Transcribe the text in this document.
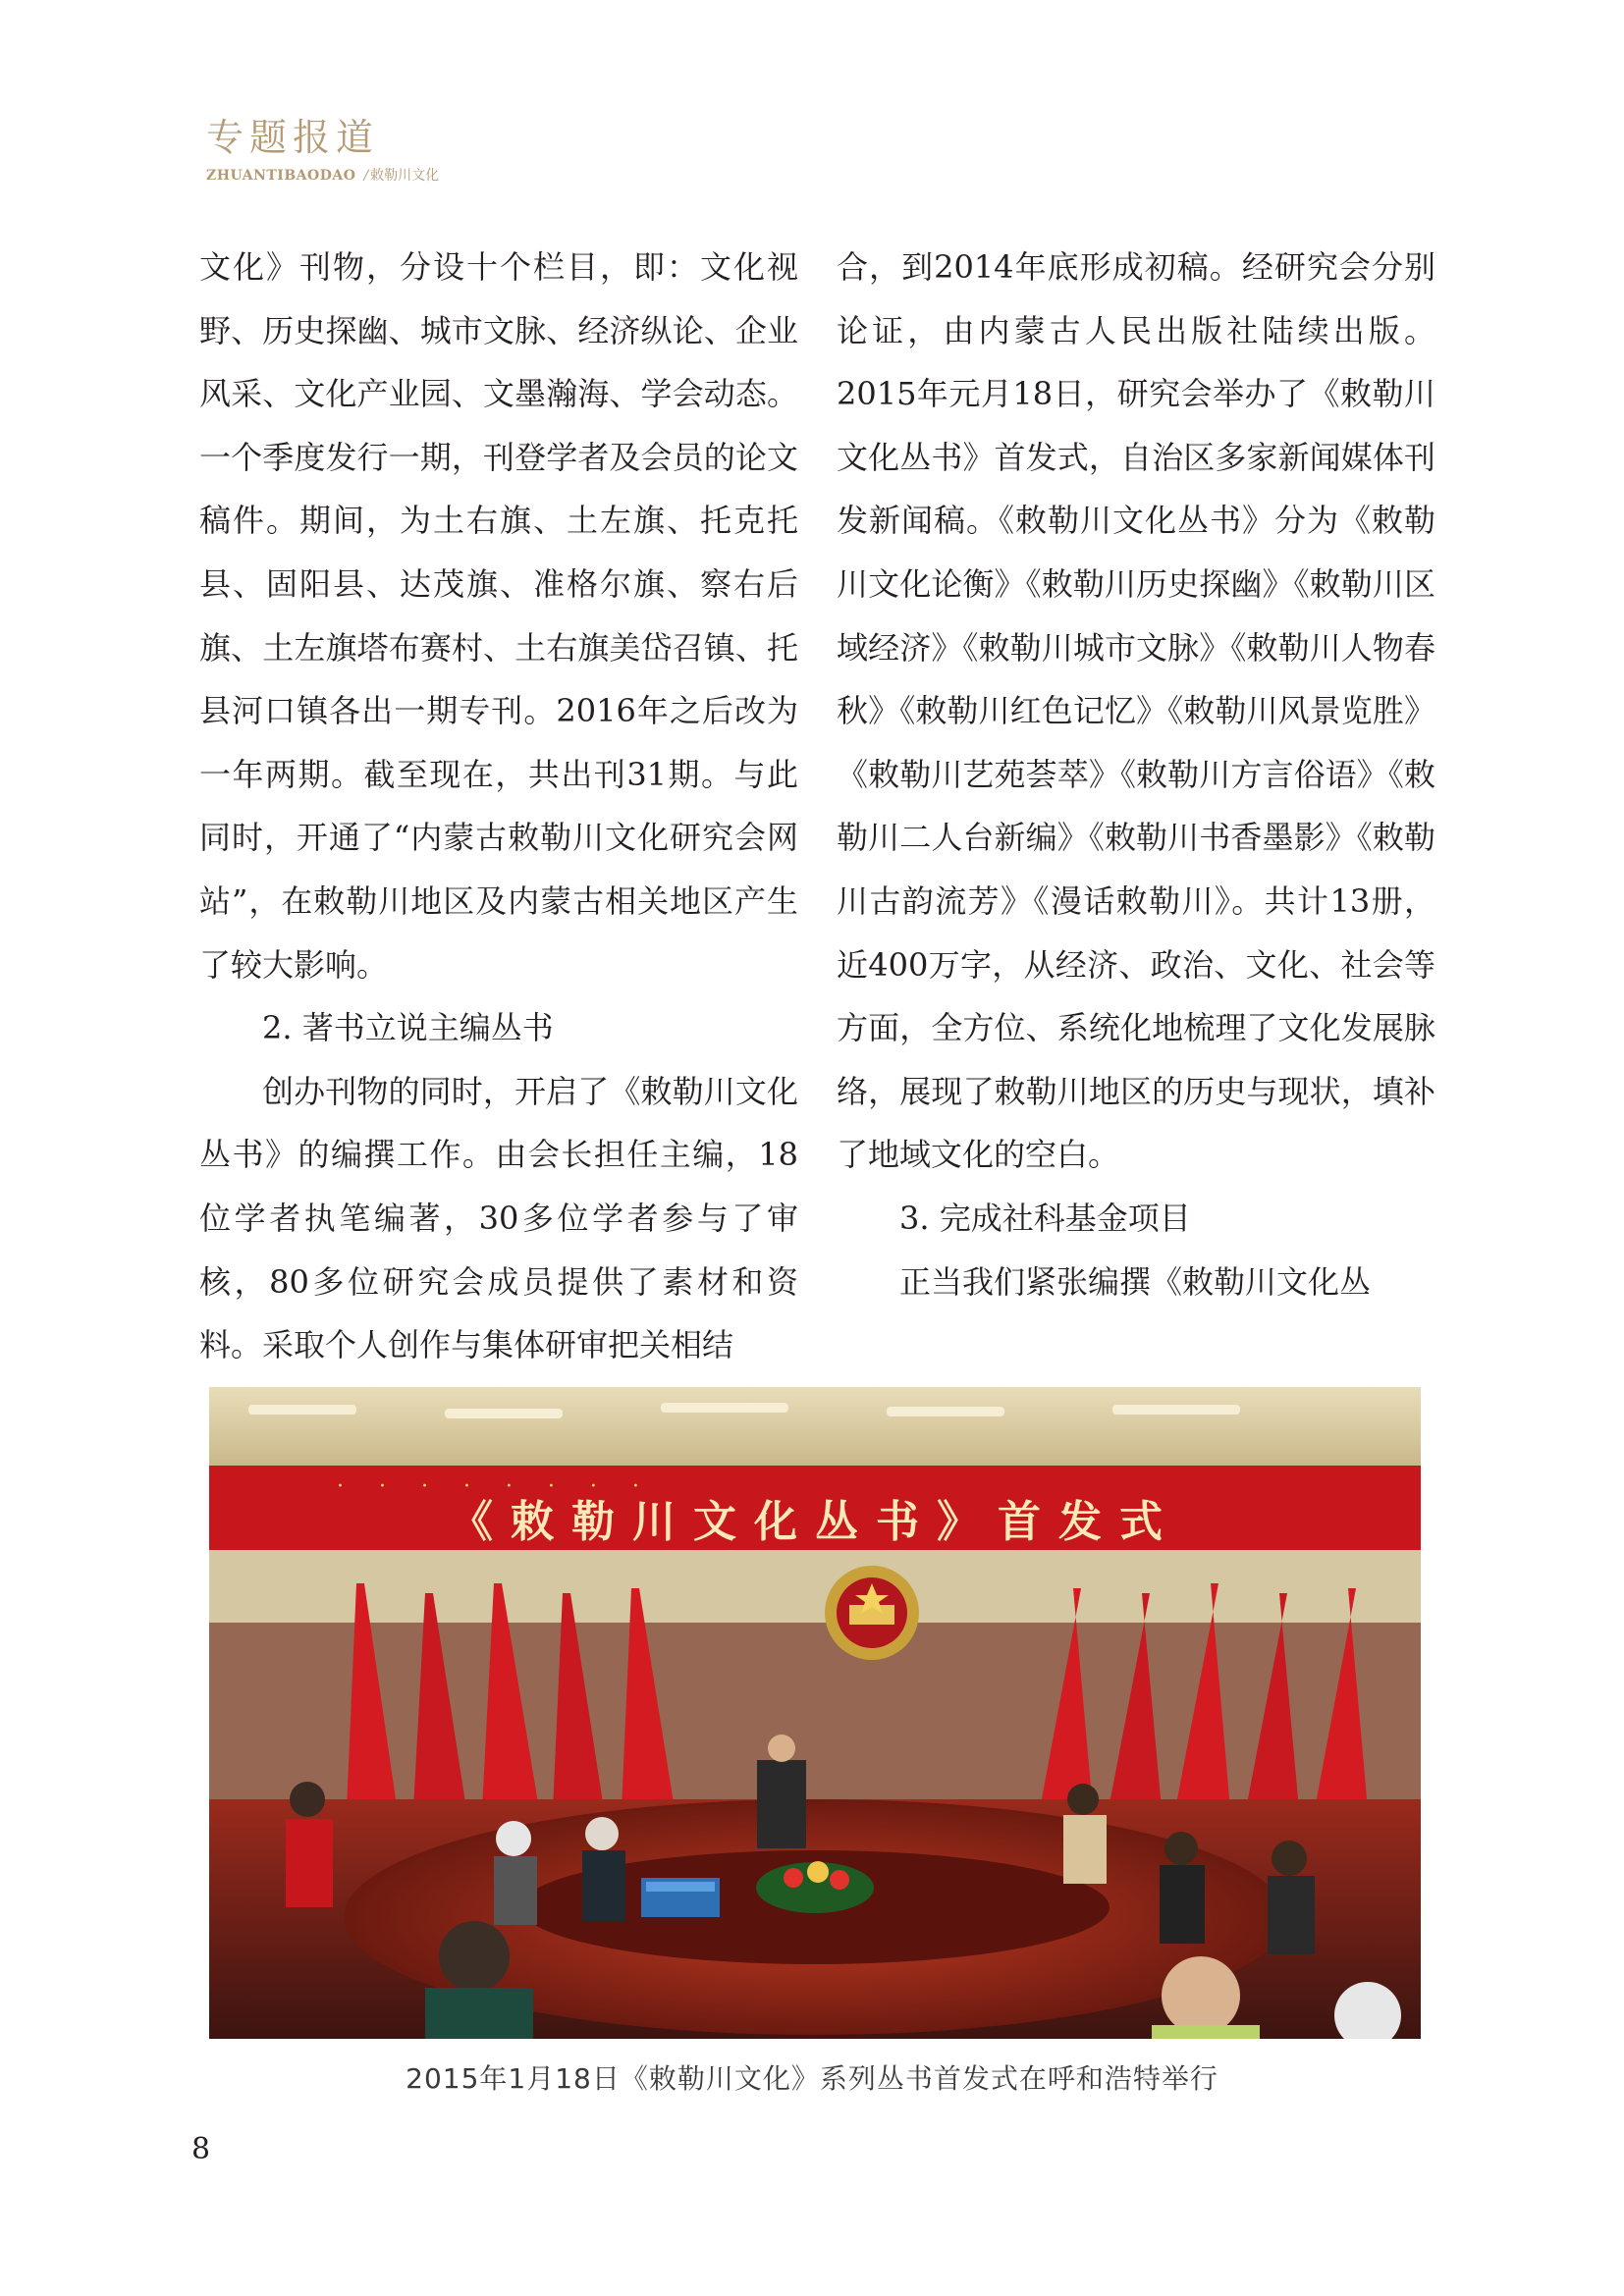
专题报道
ZHUANTIBAODAO / 敕勒川文化

文化》刊物，分设十个栏目，即：文化视野、历史探幽、城市文脉、经济纵论、企业风采、文化产业园、文墨瀚海、学会动态。一个季度发行一期，刊登学者及会员的论文稿件。期间，为土右旗、土左旗、托克托县、固阳县、达茂旗、准格尔旗、察右后旗、土左旗塔布赛村、土右旗美岱召镇、托县河口镇各出一期专刊。2016年之后改为一年两期。截至现在，共出刊31期。与此同时，开通了“内蒙古敕勒川文化研究会网站”，在敕勒川地区及内蒙古相关地区产生了较大影响。

2. 著书立说主编丛书

创办刊物的同时，开启了《敕勒川文化丛书》的编撰工作。由会长担任主编，18位学者执笔编著，30多位学者参与了审核，80多位研究会成员提供了素材和资料。采取个人创作与集体研审把关相结

合，到2014年底形成初稿。经研究会分别论证，由内蒙古人民出版社陆续出版。2015年元月18日，研究会举办了《敕勒川文化丛书》首发式，自治区多家新闻媒体刊发新闻稿。《敕勒川文化丛书》分为《敕勒川文化论衡》《敕勒川历史探幽》《敕勒川区域经济》《敕勒川城市文脉》《敕勒川人物春秋》《敕勒川红色记忆》《敕勒川风景览胜》《敕勒川艺苑荟萃》《敕勒川方言俗语》《敕勒川二人台新编》《敕勒川书香墨影》《敕勒川古韵流芳》《漫话敕勒川》。共计13册，近400万字，从经济、政治、文化、社会等方面，全方位、系统化地梳理了文化发展脉络，展现了敕勒川地区的历史与现状，填补了地域文化的空白。

3. 完成社科基金项目

正当我们紧张编撰《敕勒川文化丛

· 　 · 　 · 　 · 　 · 　 · 　 · 　 ·
《敕勒川文化丛书》首发式
2015年1月18日《敕勒川文化》系列丛书首发式在呼和浩特举行
8
